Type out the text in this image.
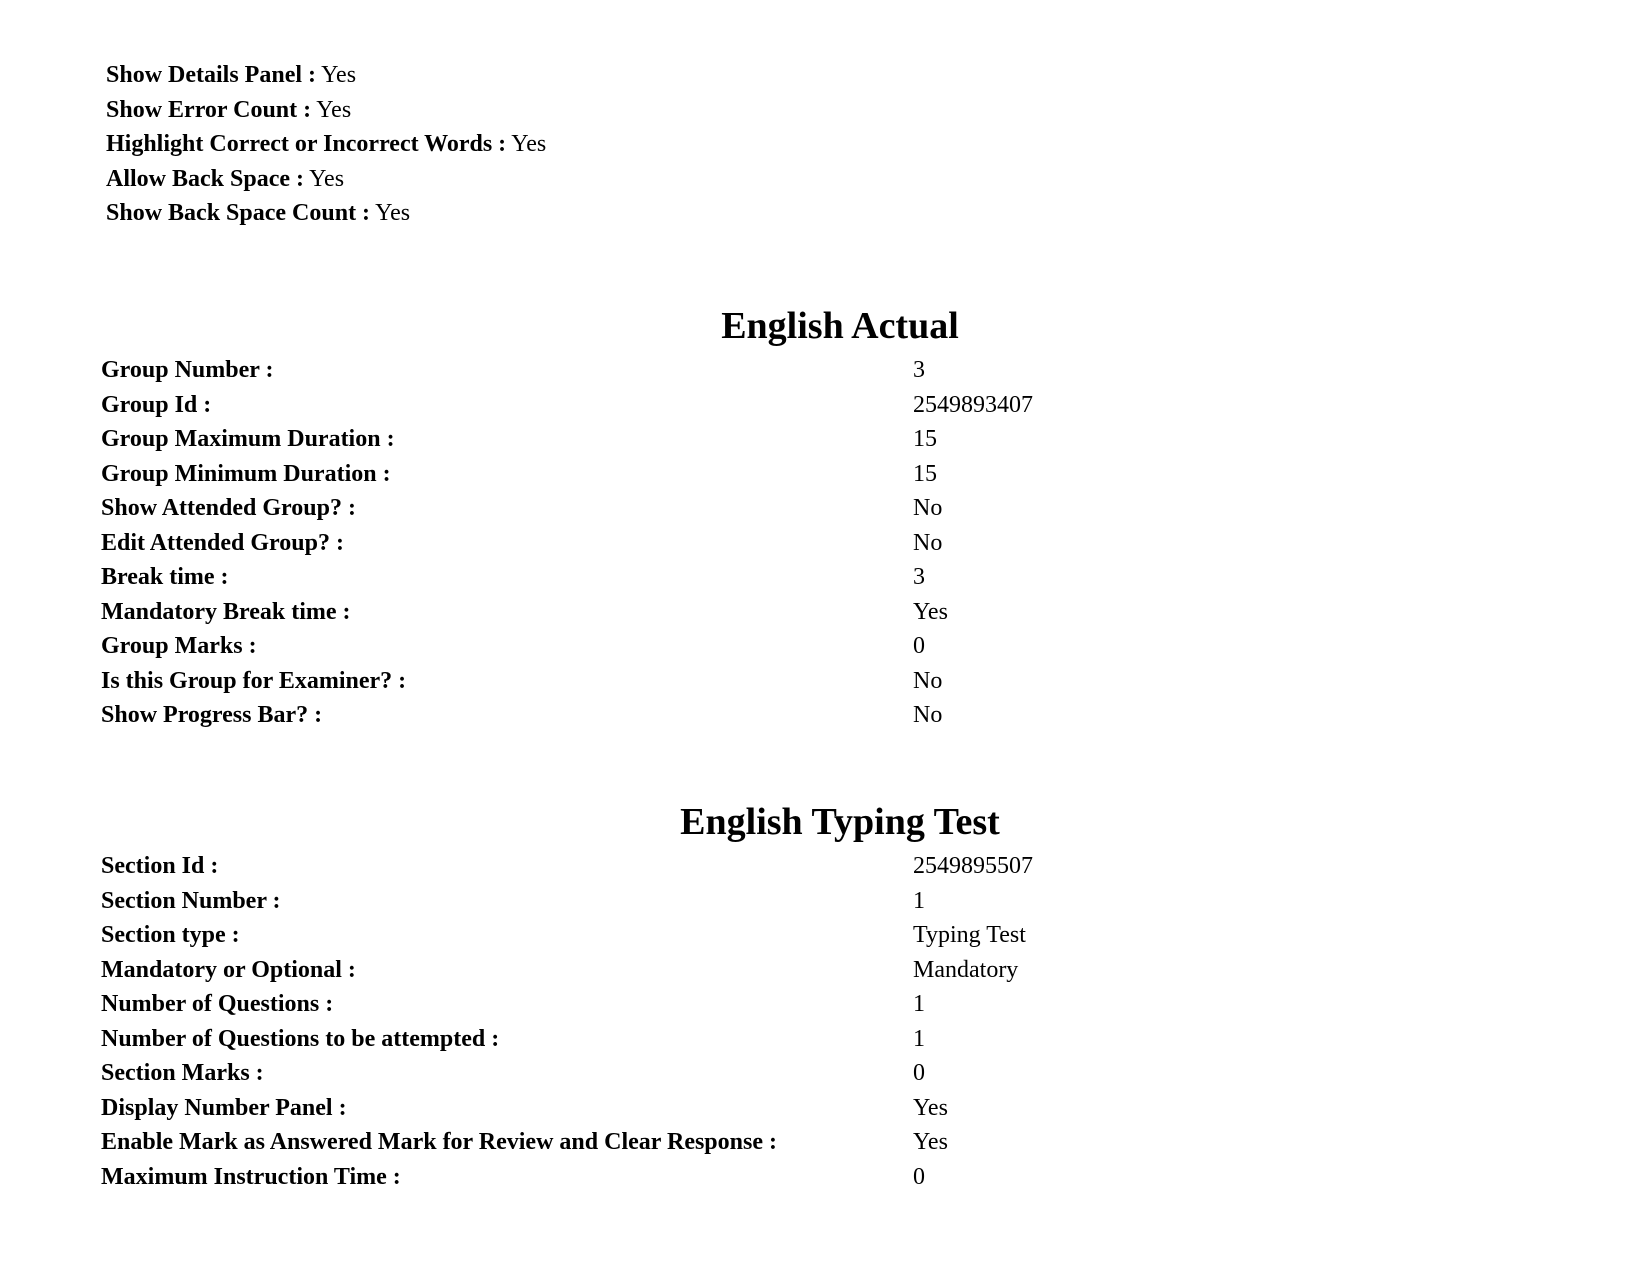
Show Details Panel : Yes
Show Error Count : Yes
Highlight Correct or Incorrect Words : Yes
Allow Back Space : Yes
Show Back Space Count : Yes
English Actual
Group Number :	3
Group Id :	2549893407
Group Maximum Duration :	15
Group Minimum Duration :	15
Show Attended Group? :	No
Edit Attended Group? :	No
Break time :	3
Mandatory Break time :	Yes
Group Marks :	0
Is this Group for Examiner? :	No
Show Progress Bar? :	No
English Typing Test
Section Id :	2549895507
Section Number :	1
Section type :	Typing Test
Mandatory or Optional :	Mandatory
Number of Questions :	1
Number of Questions to be attempted :	1
Section Marks :	0
Display Number Panel :	Yes
Enable Mark as Answered Mark for Review and Clear Response :	Yes
Maximum Instruction Time :	0
